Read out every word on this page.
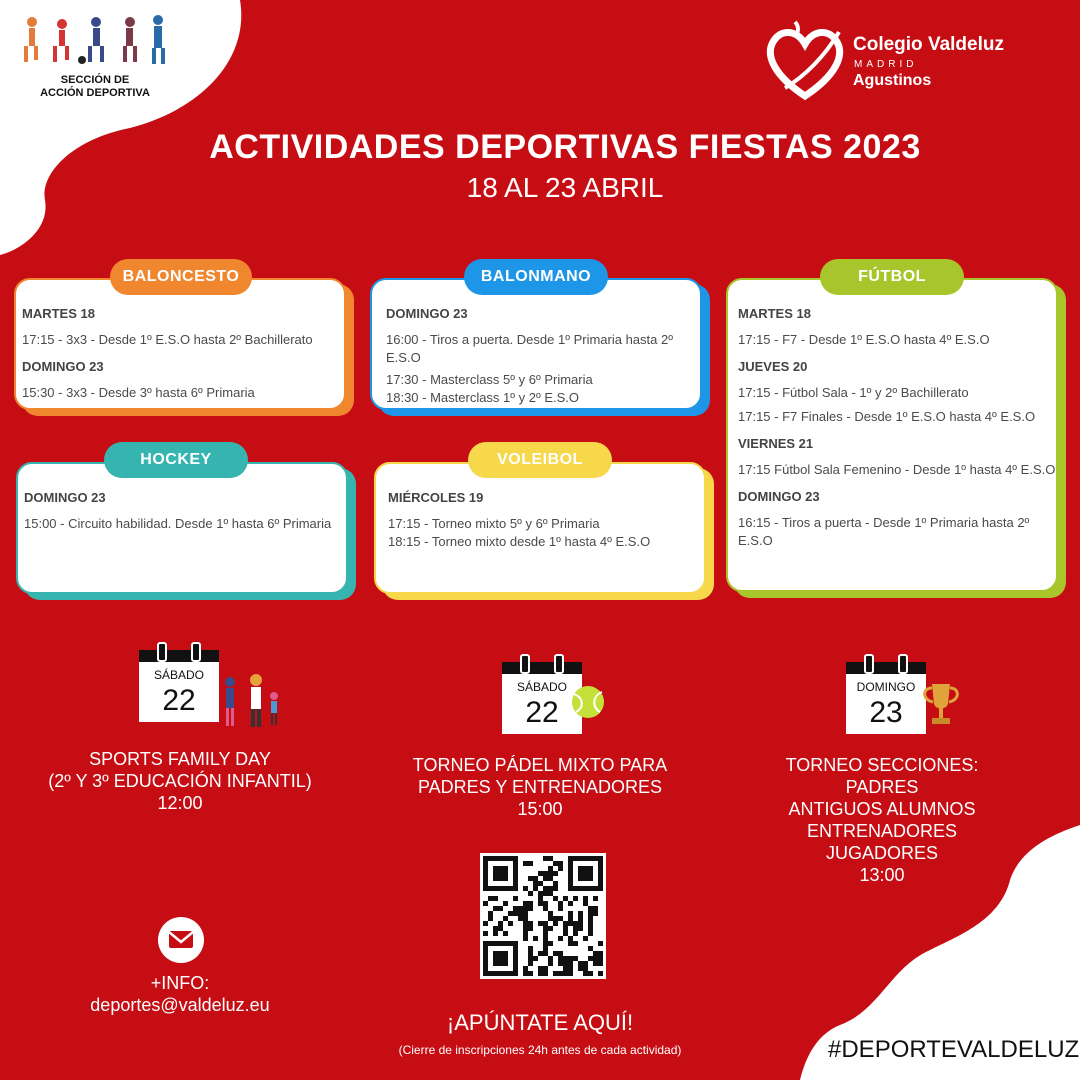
SECCIÓN DE
ACCIÓN DEPORTIVA
Colegio Valdeluz
MADRID
Agustinos
ACTIVIDADES DEPORTIVAS FIESTAS 2023
18 AL 23 ABRIL
MARTES 18
17:15 - 3x3 - Desde 1º E.S.O hasta 2º Bachillerato
DOMINGO 23
15:30 - 3x3 - Desde 3º hasta 6º Primaria
BALONCESTO
DOMINGO 23
16:00 - Tiros a puerta. Desde 1º Primaria hasta 2º E.S.O
17:30 - Masterclass 5º y 6º Primaria
18:30 - Masterclass 1º y 2º E.S.O
BALONMANO
MARTES 18
17:15 - F7 - Desde 1º E.S.O hasta 4º E.S.O
JUEVES 20
17:15 - Fútbol Sala - 1º y 2º Bachillerato
17:15 - F7 Finales - Desde 1º E.S.O hasta 4º E.S.O
VIERNES 21
17:15 Fútbol Sala Femenino - Desde 1º hasta 4º E.S.O
DOMINGO 23
16:15 - Tiros a puerta - Desde 1º Primaria hasta 2º E.S.O
FÚTBOL
DOMINGO 23
15:00 - Circuito habilidad. Desde 1º hasta 6º Primaria
HOCKEY
MIÉRCOLES 19
17:15 - Torneo mixto 5º y 6º Primaria
18:15 - Torneo mixto desde 1º hasta 4º E.S.O
VOLEIBOL
SÁBADO
22
SPORTS FAMILY DAY
(2º Y 3º EDUCACIÓN INFANTIL)
12:00
SÁBADO
22
TORNEO PÁDEL MIXTO PARA
PADRES Y ENTRENADORES
15:00
DOMINGO
23
TORNEO SECCIONES:
PADRES
ANTIGUOS ALUMNOS
ENTRENADORES
JUGADORES
13:00
¡APÚNTATE AQUÍ!
(Cierre de inscripciones 24h antes de cada actividad)
+INFO:
deportes@valdeluz.eu
#DEPORTEVALDELUZ
